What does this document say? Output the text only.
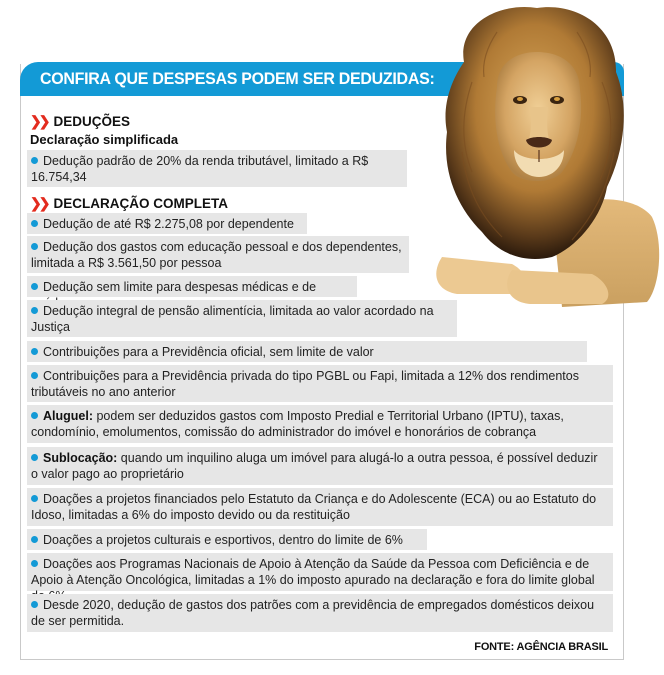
CONFIRA QUE DESPESAS PODEM SER DEDUZIDAS:
❯❯ DEDUÇÕES
Declaração simplificada
Dedução padrão de 20% da renda tributável, limitado a R$ 16.754,34
❯❯ DECLARAÇÃO COMPLETA
Dedução de até R$ 2.275,08 por dependente
Dedução dos gastos com educação pessoal e dos dependentes, limitada a R$ 3.561,50 por pessoa
Dedução sem limite para despesas médicas e de
Dedução integral de pensão alimentícia, limitada ao valor acordado na Justiça
Contribuições para a Previdência oficial, sem limite de valor
Contribuições para a Previdência privada do tipo PGBL ou Fapi, limitada a 12% dos rendimentos tributáveis no ano anterior
Aluguel: podem ser deduzidos gastos com Imposto Predial e Territorial Urbano (IPTU), taxas, condomínio, emolumentos, comissão do administrador do imóvel e honorários de cobrança
Sublocação: quando um inquilino aluga um imóvel para alugá-lo a outra pessoa, é possível deduzir o valor pago ao proprietário
Doações a projetos financiados pelo Estatuto da Criança e do Adolescente (ECA) ou ao Estatuto do Idoso, limitadas a 6% do imposto devido ou da restituição
Doações a projetos culturais e esportivos, dentro do limite de 6%
Doações aos Programas Nacionais de Apoio à Atenção da Saúde da Pessoa com Deficiência e de Apoio à Atenção Oncológica, limitadas a 1% do imposto apurado na declaração e fora do limite global
Desde 2020, dedução de gastos dos patrões com a previdência de empregados domésticos deixou de ser permitida.
FONTE: AGÊNCIA BRASIL
